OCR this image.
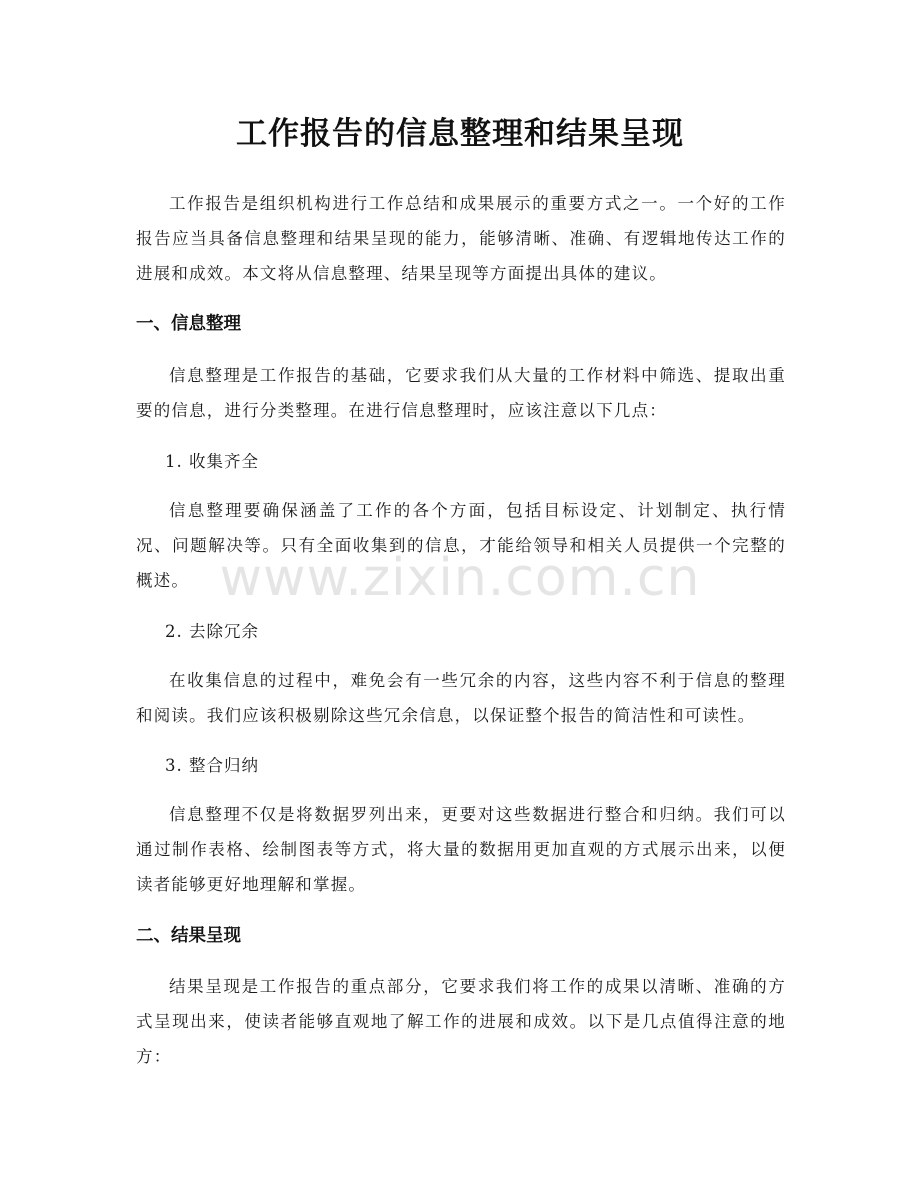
工作报告的信息整理和结果呈现

工作报告是组织机构进行工作总结和成果展示的重要方式之一。一个好的工作报告应当具备信息整理和结果呈现的能力，能够清晰、准确、有逻辑地传达工作的进展和成效。本文将从信息整理、结果呈现等方面提出具体的建议。

一、信息整理

信息整理是工作报告的基础，它要求我们从大量的工作材料中筛选、提取出重要的信息，进行分类整理。在进行信息整理时，应该注意以下几点：

1. 收集齐全

信息整理要确保涵盖了工作的各个方面，包括目标设定、计划制定、执行情况、问题解决等。只有全面收集到的信息，才能给领导和相关人员提供一个完整的概述。

2. 去除冗余

在收集信息的过程中，难免会有一些冗余的内容，这些内容不利于信息的整理和阅读。我们应该积极剔除这些冗余信息，以保证整个报告的简洁性和可读性。

3. 整合归纳

信息整理不仅是将数据罗列出来，更要对这些数据进行整合和归纳。我们可以通过制作表格、绘制图表等方式，将大量的数据用更加直观的方式展示出来，以便读者能够更好地理解和掌握。

二、结果呈现

结果呈现是工作报告的重点部分，它要求我们将工作的成果以清晰、准确的方式呈现出来，使读者能够直观地了解工作的进展和成效。以下是几点值得注意的地方：

www.zixin.com.cn
